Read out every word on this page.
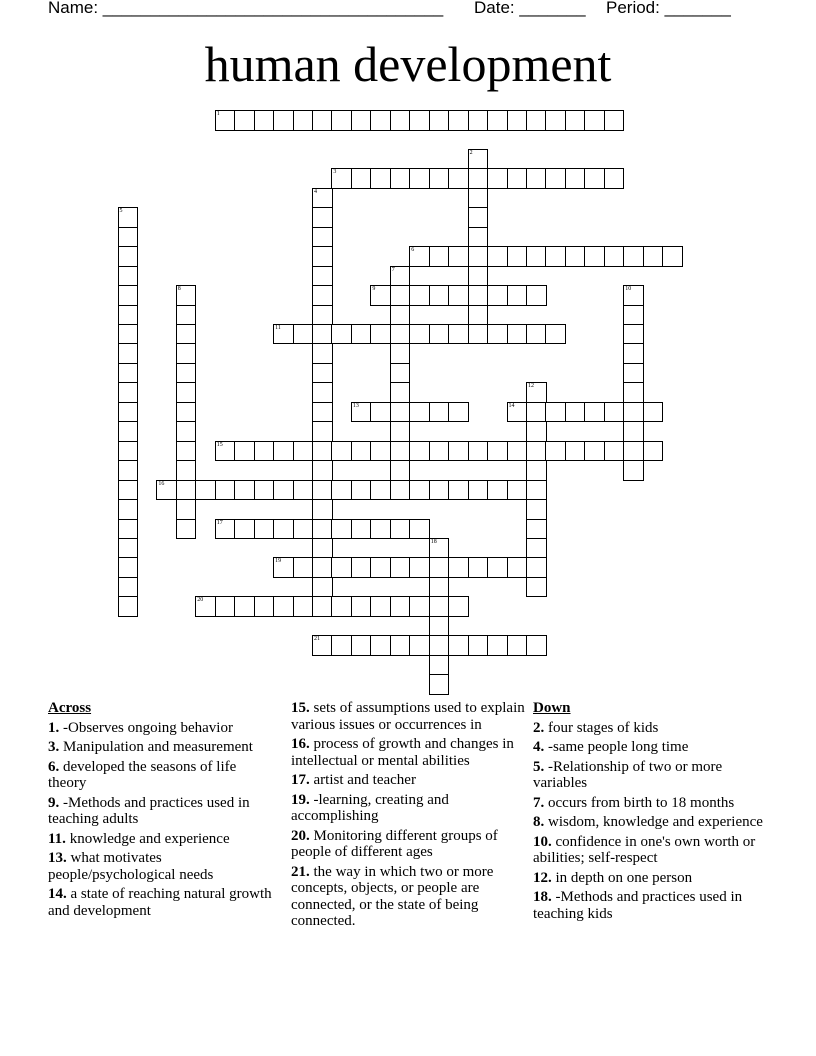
Name: ____________________________________ Date: _______ Period: _______
human development
1
2
3
4
5
6
7
8	9	10
11
12
13	14
15
16
17
18
19
20
21
Across
1. -Observes ongoing behavior
3. Manipulation and measurement
6. developed the seasons of life theory
9. -Methods and practices used in teaching adults
11. knowledge and experience
13. what motivates people/psychological needs
14. a state of reaching natural growth and development
15. sets of assumptions used to explain various issues or occurrences in
16. process of growth and changes in intellectual or mental abilities
17. artist and teacher
19. -learning, creating and accomplishing
20. Monitoring different groups of people of different ages
21. the way in which two or more concepts, objects, or people are connected, or the state of being connected.
Down
2. four stages of kids
4. -same people long time
5. -Relationship of two or more variables
7. occurs from birth to 18 months
8. wisdom, knowledge and experience
10. confidence in one's own worth or abilities; self-respect
12. in depth on one person
18. -Methods and practices used in teaching kids
